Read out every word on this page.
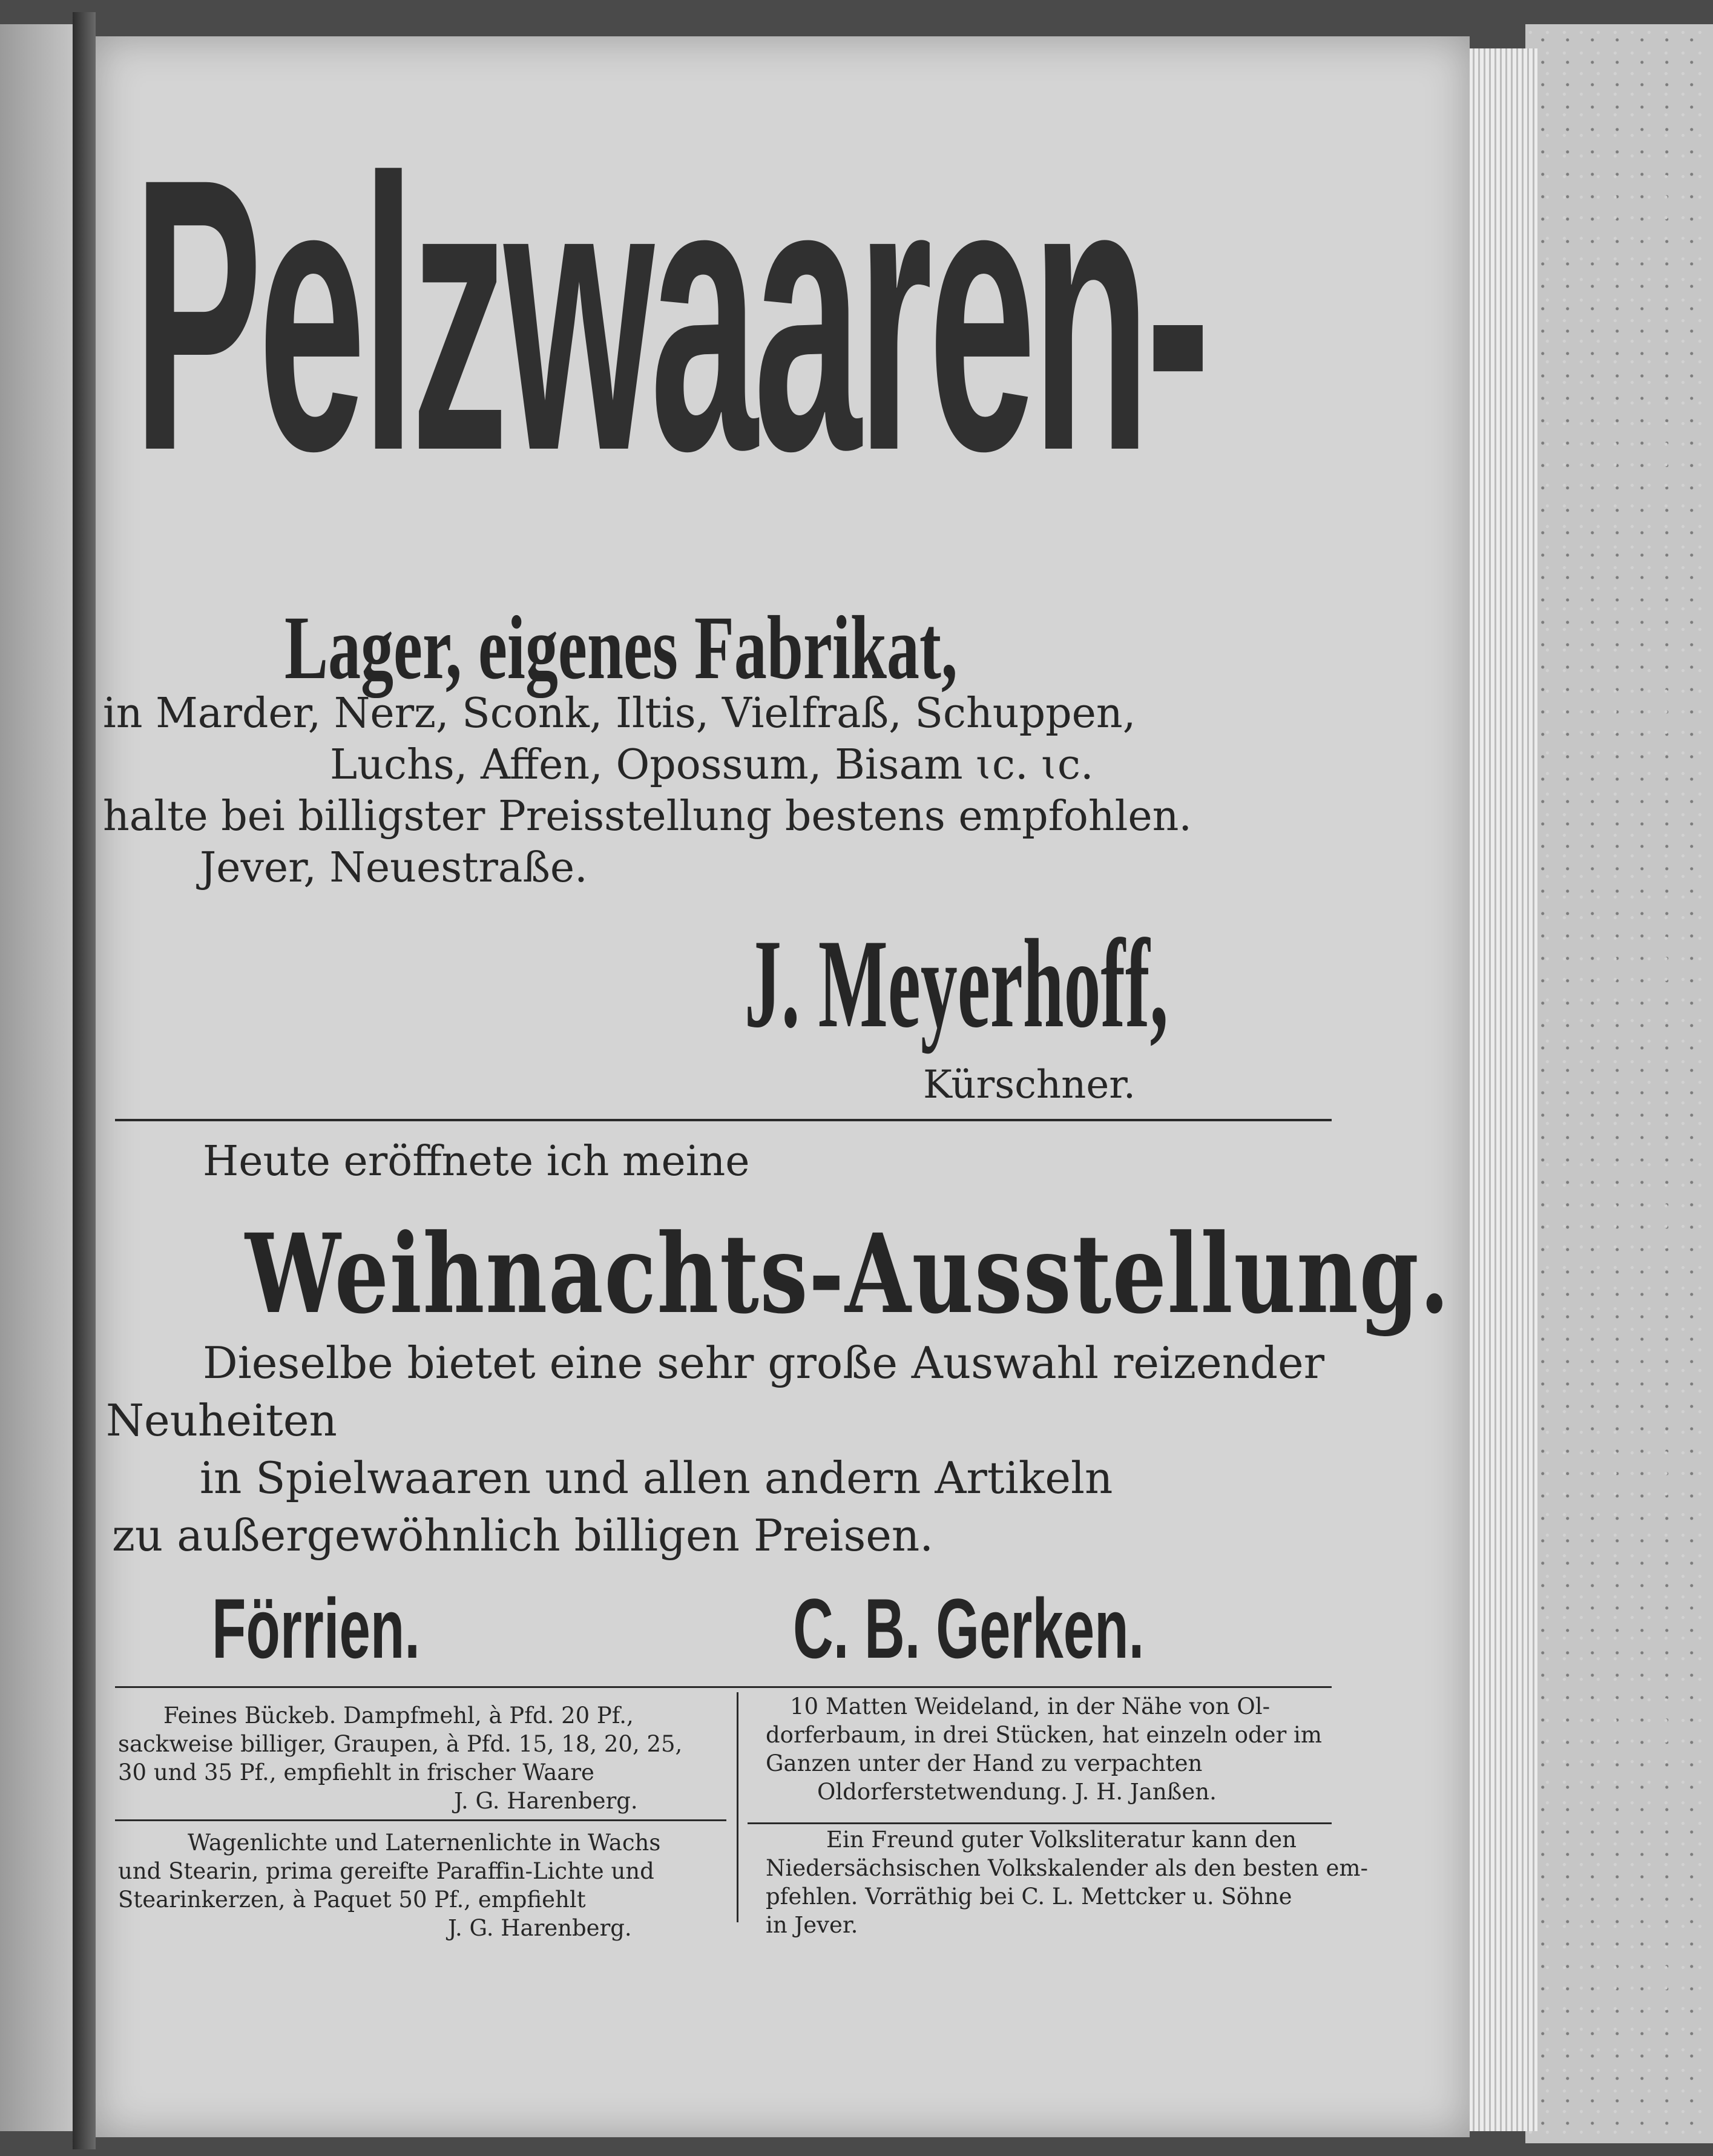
Pelzwaaren-
Lager, eigenes Fabrikat,
in Marder, Nerz, Sconk, Iltis, Vielfraß, Schuppen,
Luchs, Affen, Opossum, Bisam ɩc. ɩc.
halte bei billigster Preisstellung bestens empfohlen.
Jever, Neuestraße.
J. Meyerhoff,
Kürschner.
Heute eröffnete ich meine
Weihnachts-Ausstellung.
Dieselbe bietet eine sehr große Auswahl reizender
Neuheiten
in Spielwaaren und allen andern Artikeln
zu außergewöhnlich billigen Preisen.
Förrien.	C. B. Gerken.
Feines Bückeb. Dampfmehl, à Pfd. 20 Pf.,
sackweise billiger, Graupen, à Pfd. 15, 18, 20, 25,
30 und 35 Pf., empfiehlt in frischer Waare
J. G. Harenberg.
Wagenlichte und Laternenlichte in Wachs
und Stearin, prima gereifte Paraffin-Lichte und
Stearinkerzen, à Paquet 50 Pf., empfiehlt
J. G. Harenberg.
10 Matten Weideland, in der Nähe von Ol-
dorferbaum, in drei Stücken, hat einzeln oder im
Ganzen unter der Hand zu verpachten
Oldorferstetwendung. J. H. Janßen.
Ein Freund guter Volksliteratur kann den
Niedersächsischen Volkskalender als den besten em-
pfehlen. Vorräthig bei C. L. Mettcker u. Söhne
in Jever.
